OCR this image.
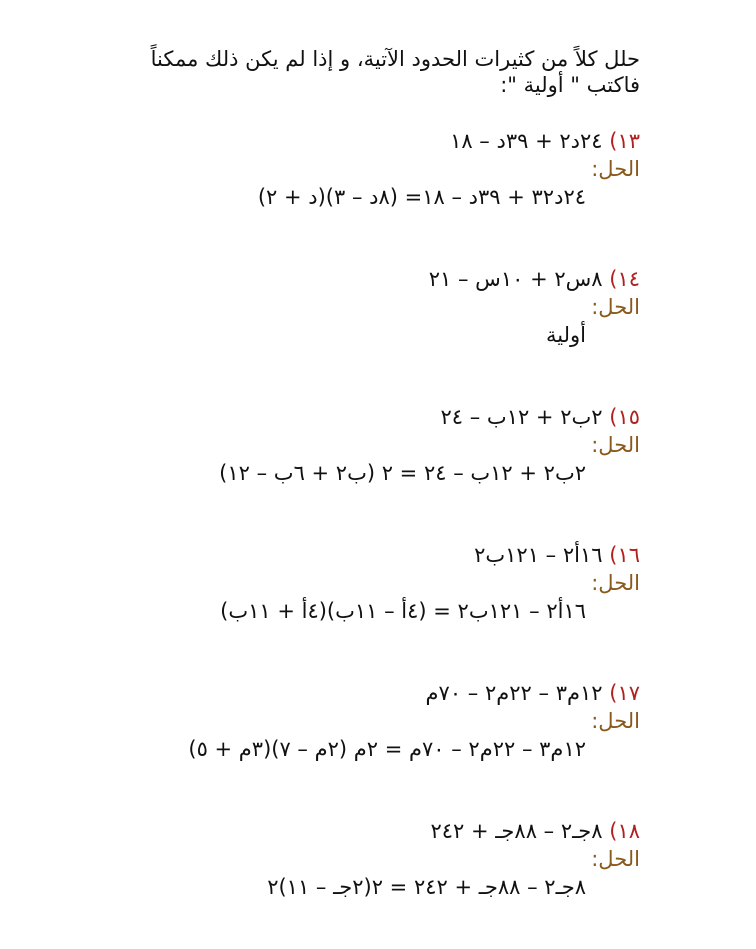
حلل كلاً من كثيرات الحدود الآتية، و إذا لم يكن ذلك ممكناً
فاكتب " أولية ":
١٣) ٢٤د٢ + ٣٩د – ١٨
الحل:
٢٤د٣٢ + ٣٩د – ١٨= (٨د – ٣)(د + ٢)
١٤) ٨س٢ + ١٠س – ٢١
الحل:
أولية
١٥) ٢ب٢ + ١٢ب – ٢٤
الحل:
٢ب٢ + ١٢ب – ٢٤ = ٢ (ب٢ + ٦ب – ١٢)
١٦) ١٦أ٢ – ١٢١ب٢
الحل:
١٦أ٢ – ١٢١ب٢ = (٤أ – ١١ب)(٤أ + ١١ب)
١٧) ١٢م٣ – ٢٢م٢ – ٧٠م
الحل:
١٢م٣ – ٢٢م٢ – ٧٠م = ٢م (٢م – ٧)(٣م + ٥)
١٨) ٨جـ٢ – ٨٨جـ + ٢٤٢
الحل:
٨جـ٢ – ٨٨جـ + ٢٤٢ = ٢(٢جـ – ١١)٢
